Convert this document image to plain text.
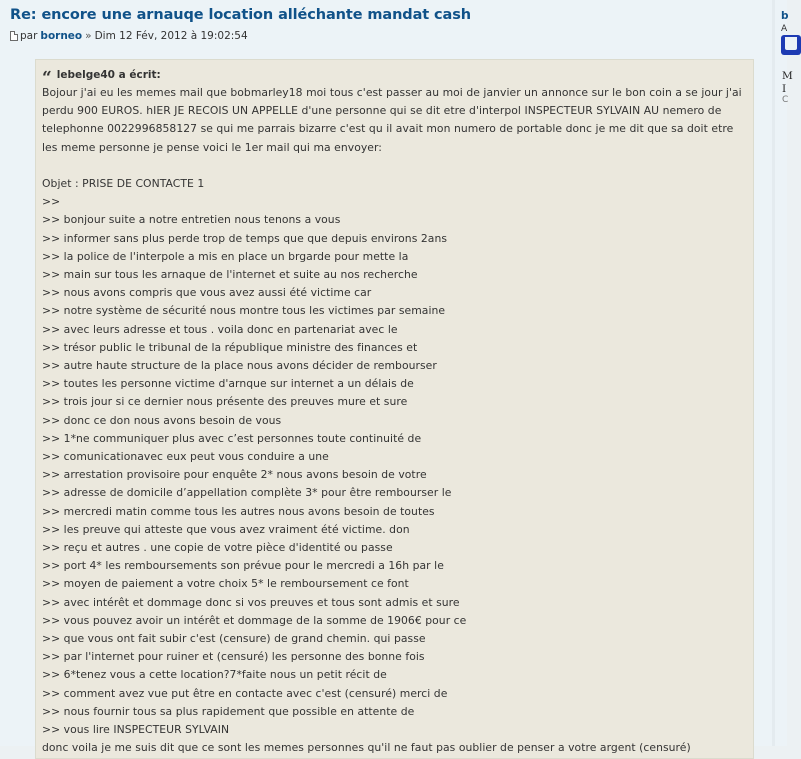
Re: encore une arnauqe location alléchante mandat cash
par borneo » Dim 12 Fév, 2012 à 19:02:54
“ lebelge40 a écrit:
Bojour j'ai eu les memes mail que bobmarley18 moi tous c'est passer au moi de janvier un annonce sur le bon coin a se jour j'ai perdu 900 EUROS. hIER JE RECOIS UN APPELLE d'une personne qui se dit etre d'interpol INSPECTEUR SYLVAIN AU nemero de telephonne 0022996858127 se qui me parrais bizarre c'est qu il avait mon numero de portable donc je me dit que sa doit etre les meme personne je pense voici le 1er mail qui ma envoyer:
Objet : PRISE DE CONTACTE 1
>>
>> bonjour suite a notre entretien nous tenons a vous
>> informer sans plus perde trop de temps que que depuis environs 2ans
>> la police de l'interpole a mis en place un brgarde pour mette la
>> main sur tous les arnaque de l'internet et suite au nos recherche
>> nous avons compris que vous avez aussi été victime car
>> notre système de sécurité nous montre tous les victimes par semaine
>> avec leurs adresse et tous . voila donc en partenariat avec le
>> trésor public le tribunal de la république ministre des finances et
>> autre haute structure de la place nous avons décider de rembourser
>> toutes les personne victime d'arnque sur internet a un délais de
>> trois jour si ce dernier nous présente des preuves mure et sure
>> donc ce don nous avons besoin de vous
>> 1*ne communiquer plus avec c’est personnes toute continuité de
>> comunicationavec eux peut vous conduire a une
>> arrestation provisoire pour enquête 2* nous avons besoin de votre
>> adresse de domicile d’appellation complète 3* pour être rembourser le
>> mercredi matin comme tous les autres nous avons besoin de toutes
>> les preuve qui atteste que vous avez vraiment été victime. don
>> reçu et autres . une copie de votre pièce d'identité ou passe
>> port 4* les remboursements son prévue pour le mercredi a 16h par le
>> moyen de paiement a votre choix 5* le remboursement ce font
>> avec intérêt et dommage donc si vos preuves et tous sont admis et sure
>> vous pouvez avoir un intérêt et dommage de la somme de 1906€ pour ce
>> que vous ont fait subir c'est (censure) de grand chemin. qui passe
>> par l'internet pour ruiner et (censuré) les personne des bonne fois
>> 6*tenez vous a cette location?7*faite nous un petit récit de
>> comment avez vue put être en contacte avec c'est (censuré) merci de
>> nous fournir tous sa plus rapidement que possible en attente de
>> vous lire INSPECTEUR SYLVAIN
donc voila je me suis dit que ce sont les memes personnes qu'il ne faut pas oublier de penser a votre argent (censuré)
b
A
M
I
C
